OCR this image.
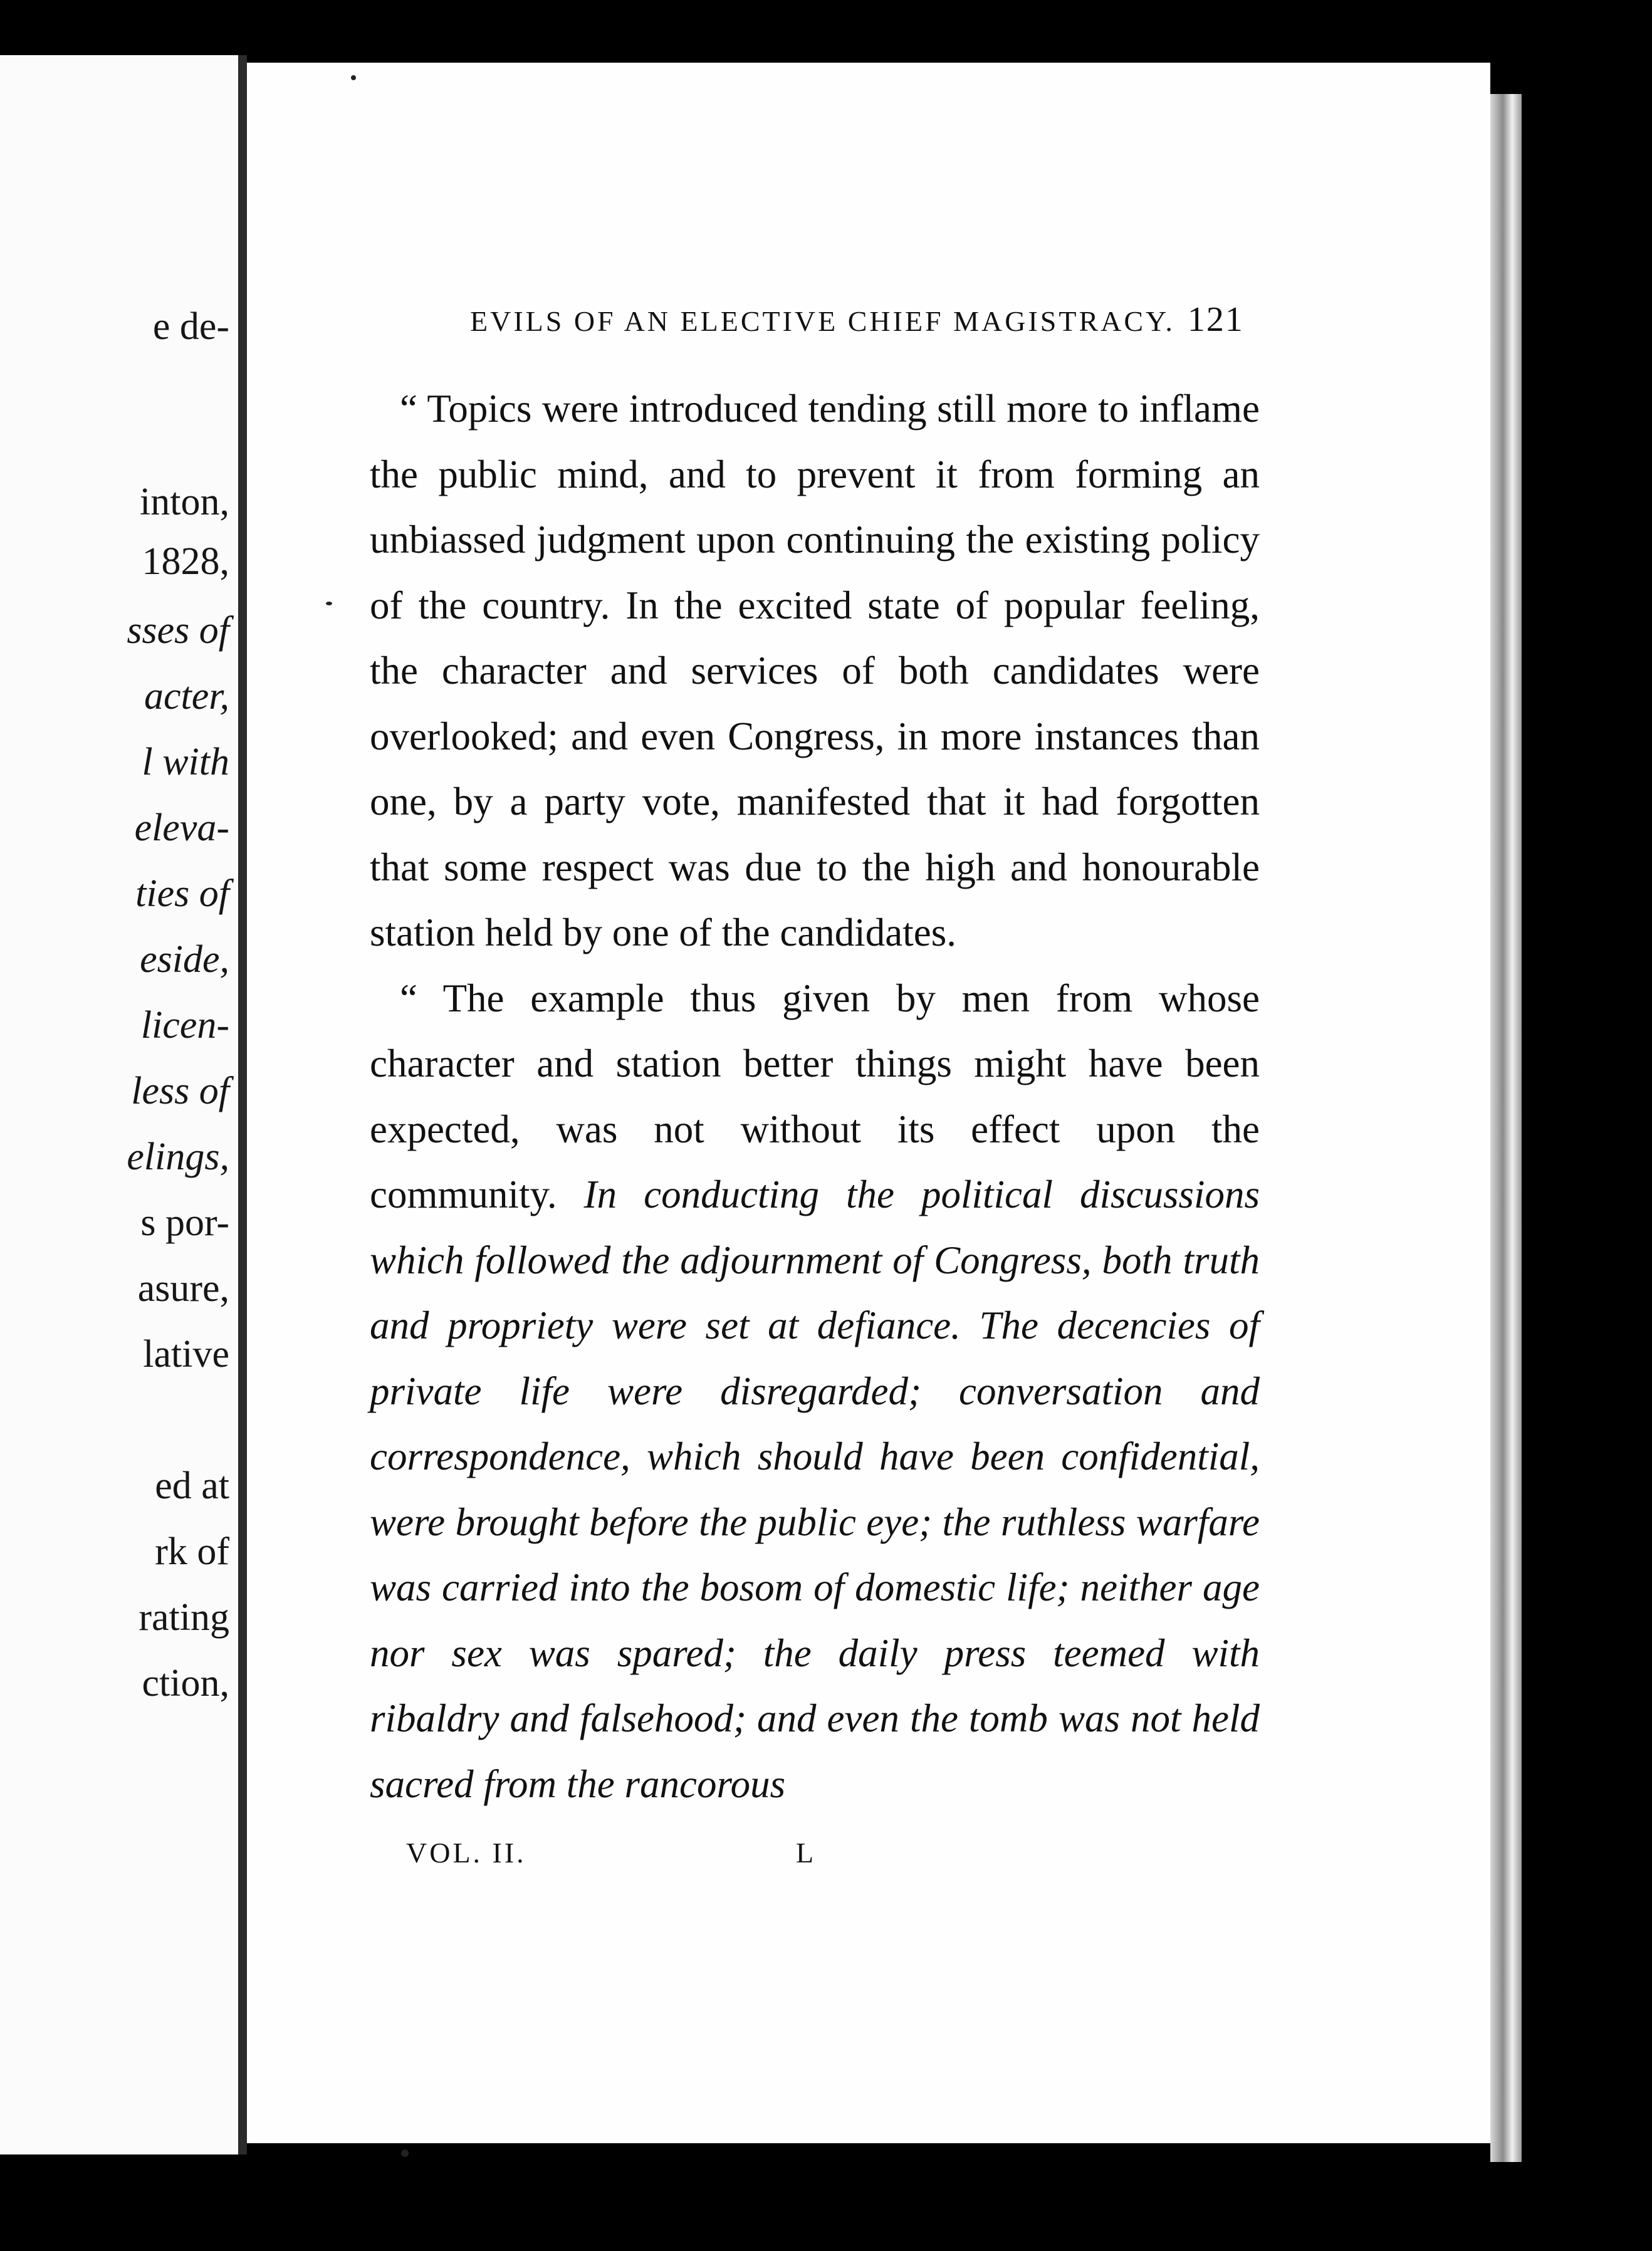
e de-
inton,
1828,
sses of
acter,
l with
eleva-
ties of
eside,
licen-
less of
elings,
s por-
asure,
lative
ed at
rk of
rating
ction,
EVILS OF AN ELECTIVE CHIEF MAGISTRACY. 121

“ Topics were introduced tending still more to inflame the public mind, and to prevent it from forming an unbiassed judgment upon continuing the existing policy of the country. In the excited state of popular feeling, the character and services of both candidates were overlooked; and even Congress, in more instances than one, by a party vote, manifested that it had forgotten that some respect was due to the high and honourable station held by one of the candidates.

“ The example thus given by men from whose character and station better things might have been expected, was not without its effect upon the community. In conducting the political discussions which followed the adjournment of Congress, both truth and propriety were set at defiance. The decencies of private life were disregarded; conversation and correspondence, which should have been confidential, were brought before the public eye; the ruthless warfare was carried into the bosom of domestic life; neither age nor sex was spared; the daily press teemed with ribaldry and falsehood; and even the tomb was not held sacred from the rancorous

VOL. II.	L
